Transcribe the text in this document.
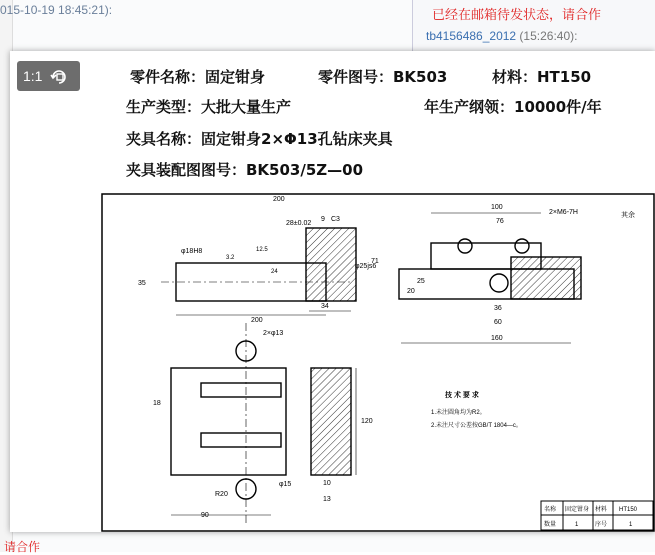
015-10-19 18:45:21):	已经在邮箱待发状态，请合作
tb4156486_2012 (15:26:40):
请合作
1:1	零件名称：固定钳身	零件图号：BK503	材料：HT150
生产类型：大批大量生产	年生产纲领：10000件/年
夹具名称：固定钳身2×Φ13孔钻床夹具
夹具装配图图号：BK503/5Z—00
200
200
34
35
9 C3
71
28±0.02
φ25js6
φ18H8	12.5
3.2
24
100
76
2×M6-7H	其余
36
60
160
20
25
2×φ13
18
120
10
13
R20
φ15
90
技 术 要 求
1.未注圆角均为R2。
2.未注尺寸公差按GB/T 1804—c。
名称 固定钳身 材料 HT150
数量	1	序号	1
